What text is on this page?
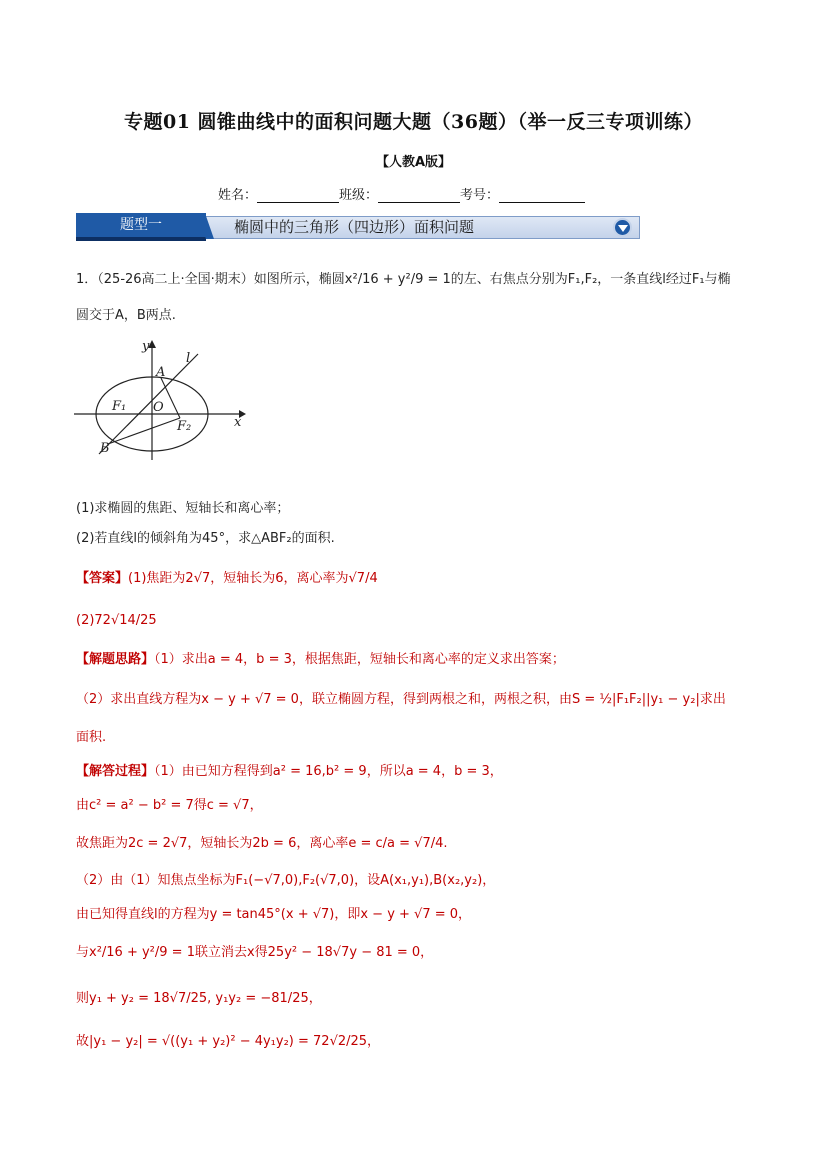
专题01 圆锥曲线中的面积问题大题（36题）（举一反三专项训练）
【人教A版】
姓名：	班级：	考号：
题型一	椭圆中的三角形（四边形）面积问题
1．（25-26高二上·全国·期末）如图所示，椭圆x²/16 + y²/9 = 1的左、右焦点分别为F₁,F₂，一条直线l经过F₁与椭
圆交于A，B两点.
y
l
A
F₁ O
F₂	x
B
(1)求椭圆的焦距、短轴长和离心率；
(2)若直线l的倾斜角为45°，求△ABF₂的面积.
【答案】(1)焦距为2√7，短轴长为6，离心率为√7/4
(2)72√14/25
【解题思路】（1）求出a = 4，b = 3，根据焦距，短轴长和离心率的定义求出答案；
（2）求出直线方程为x − y + √7 = 0，联立椭圆方程，得到两根之和，两根之积，由S = ½|F₁F₂||y₁ − y₂|求出
面积.
【解答过程】（1）由已知方程得到a² = 16,b² = 9，所以a = 4，b = 3，
由c² = a² − b² = 7得c = √7，
故焦距为2c = 2√7，短轴长为2b = 6，离心率e = c/a = √7/4.
（2）由（1）知焦点坐标为F₁(−√7,0),F₂(√7,0)，设A(x₁,y₁),B(x₂,y₂)，
由已知得直线l的方程为y = tan45°(x + √7)，即x − y + √7 = 0，
与x²/16 + y²/9 = 1联立消去x得25y² − 18√7y − 81 = 0，
则y₁ + y₂ = 18√7/25, y₁y₂ = −81/25，
故|y₁ − y₂| = √((y₁ + y₂)² − 4y₁y₂) = 72√2/25，
